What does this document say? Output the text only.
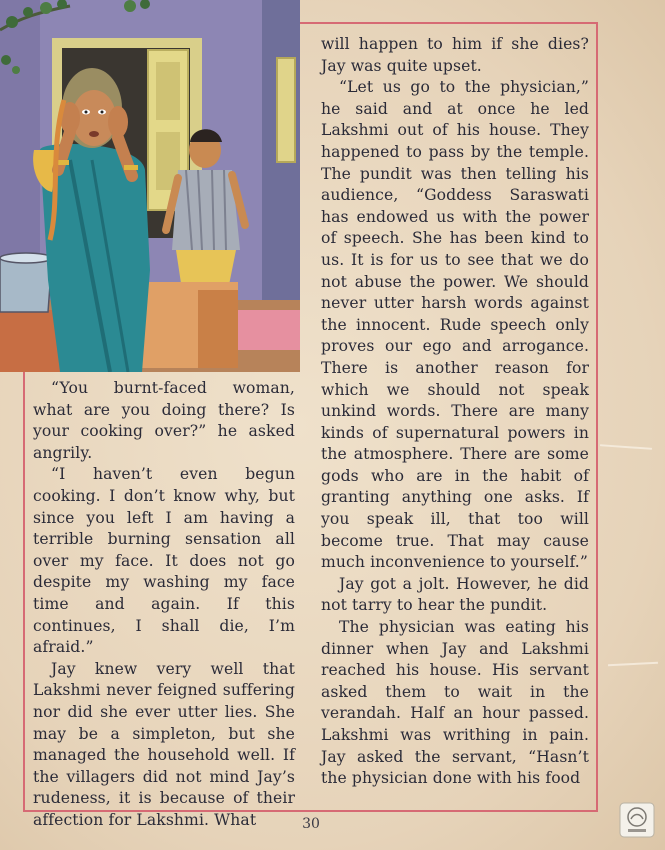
“You burnt-faced woman, what are you doing there? Is your cooking over?” he asked angrily.

“I haven’t even begun cooking. I don’t know why, but since you left I am having a terrible burning sensation all over my face. It does not go despite my washing my face time and again. If this continues, I shall die, I’m afraid.”

Jay knew very well that Lakshmi never feigned suffering nor did she ever utter lies. She may be a simpleton, but she managed the household well. If the villagers did not mind Jay’s rudeness, it is because of their affection for Lakshmi. What

will happen to him if she dies? Jay was quite upset.

“Let us go to the physician,” he said and at once he led Lakshmi out of his house. They happened to pass by the temple. The pundit was then telling his audience, “Goddess Saraswati has endowed us with the power of speech. She has been kind to us. It is for us to see that we do not abuse the power. We should never utter harsh words against the innocent. Rude speech only proves our ego and arrogance. There is another reason for which we should not speak unkind words. There are many kinds of supernatural powers in the atmosphere. There are some gods who are in the habit of granting anything one asks. If you speak ill, that too will become true. That may cause much inconvenience to yourself.”

Jay got a jolt. However, he did not tarry to hear the pundit.

The physician was eating his dinner when Jay and Lakshmi reached his house. His servant asked them to wait in the verandah. Half an hour passed. Lakshmi was writhing in pain. Jay asked the servant, “Hasn’t the physician done with his food

30
